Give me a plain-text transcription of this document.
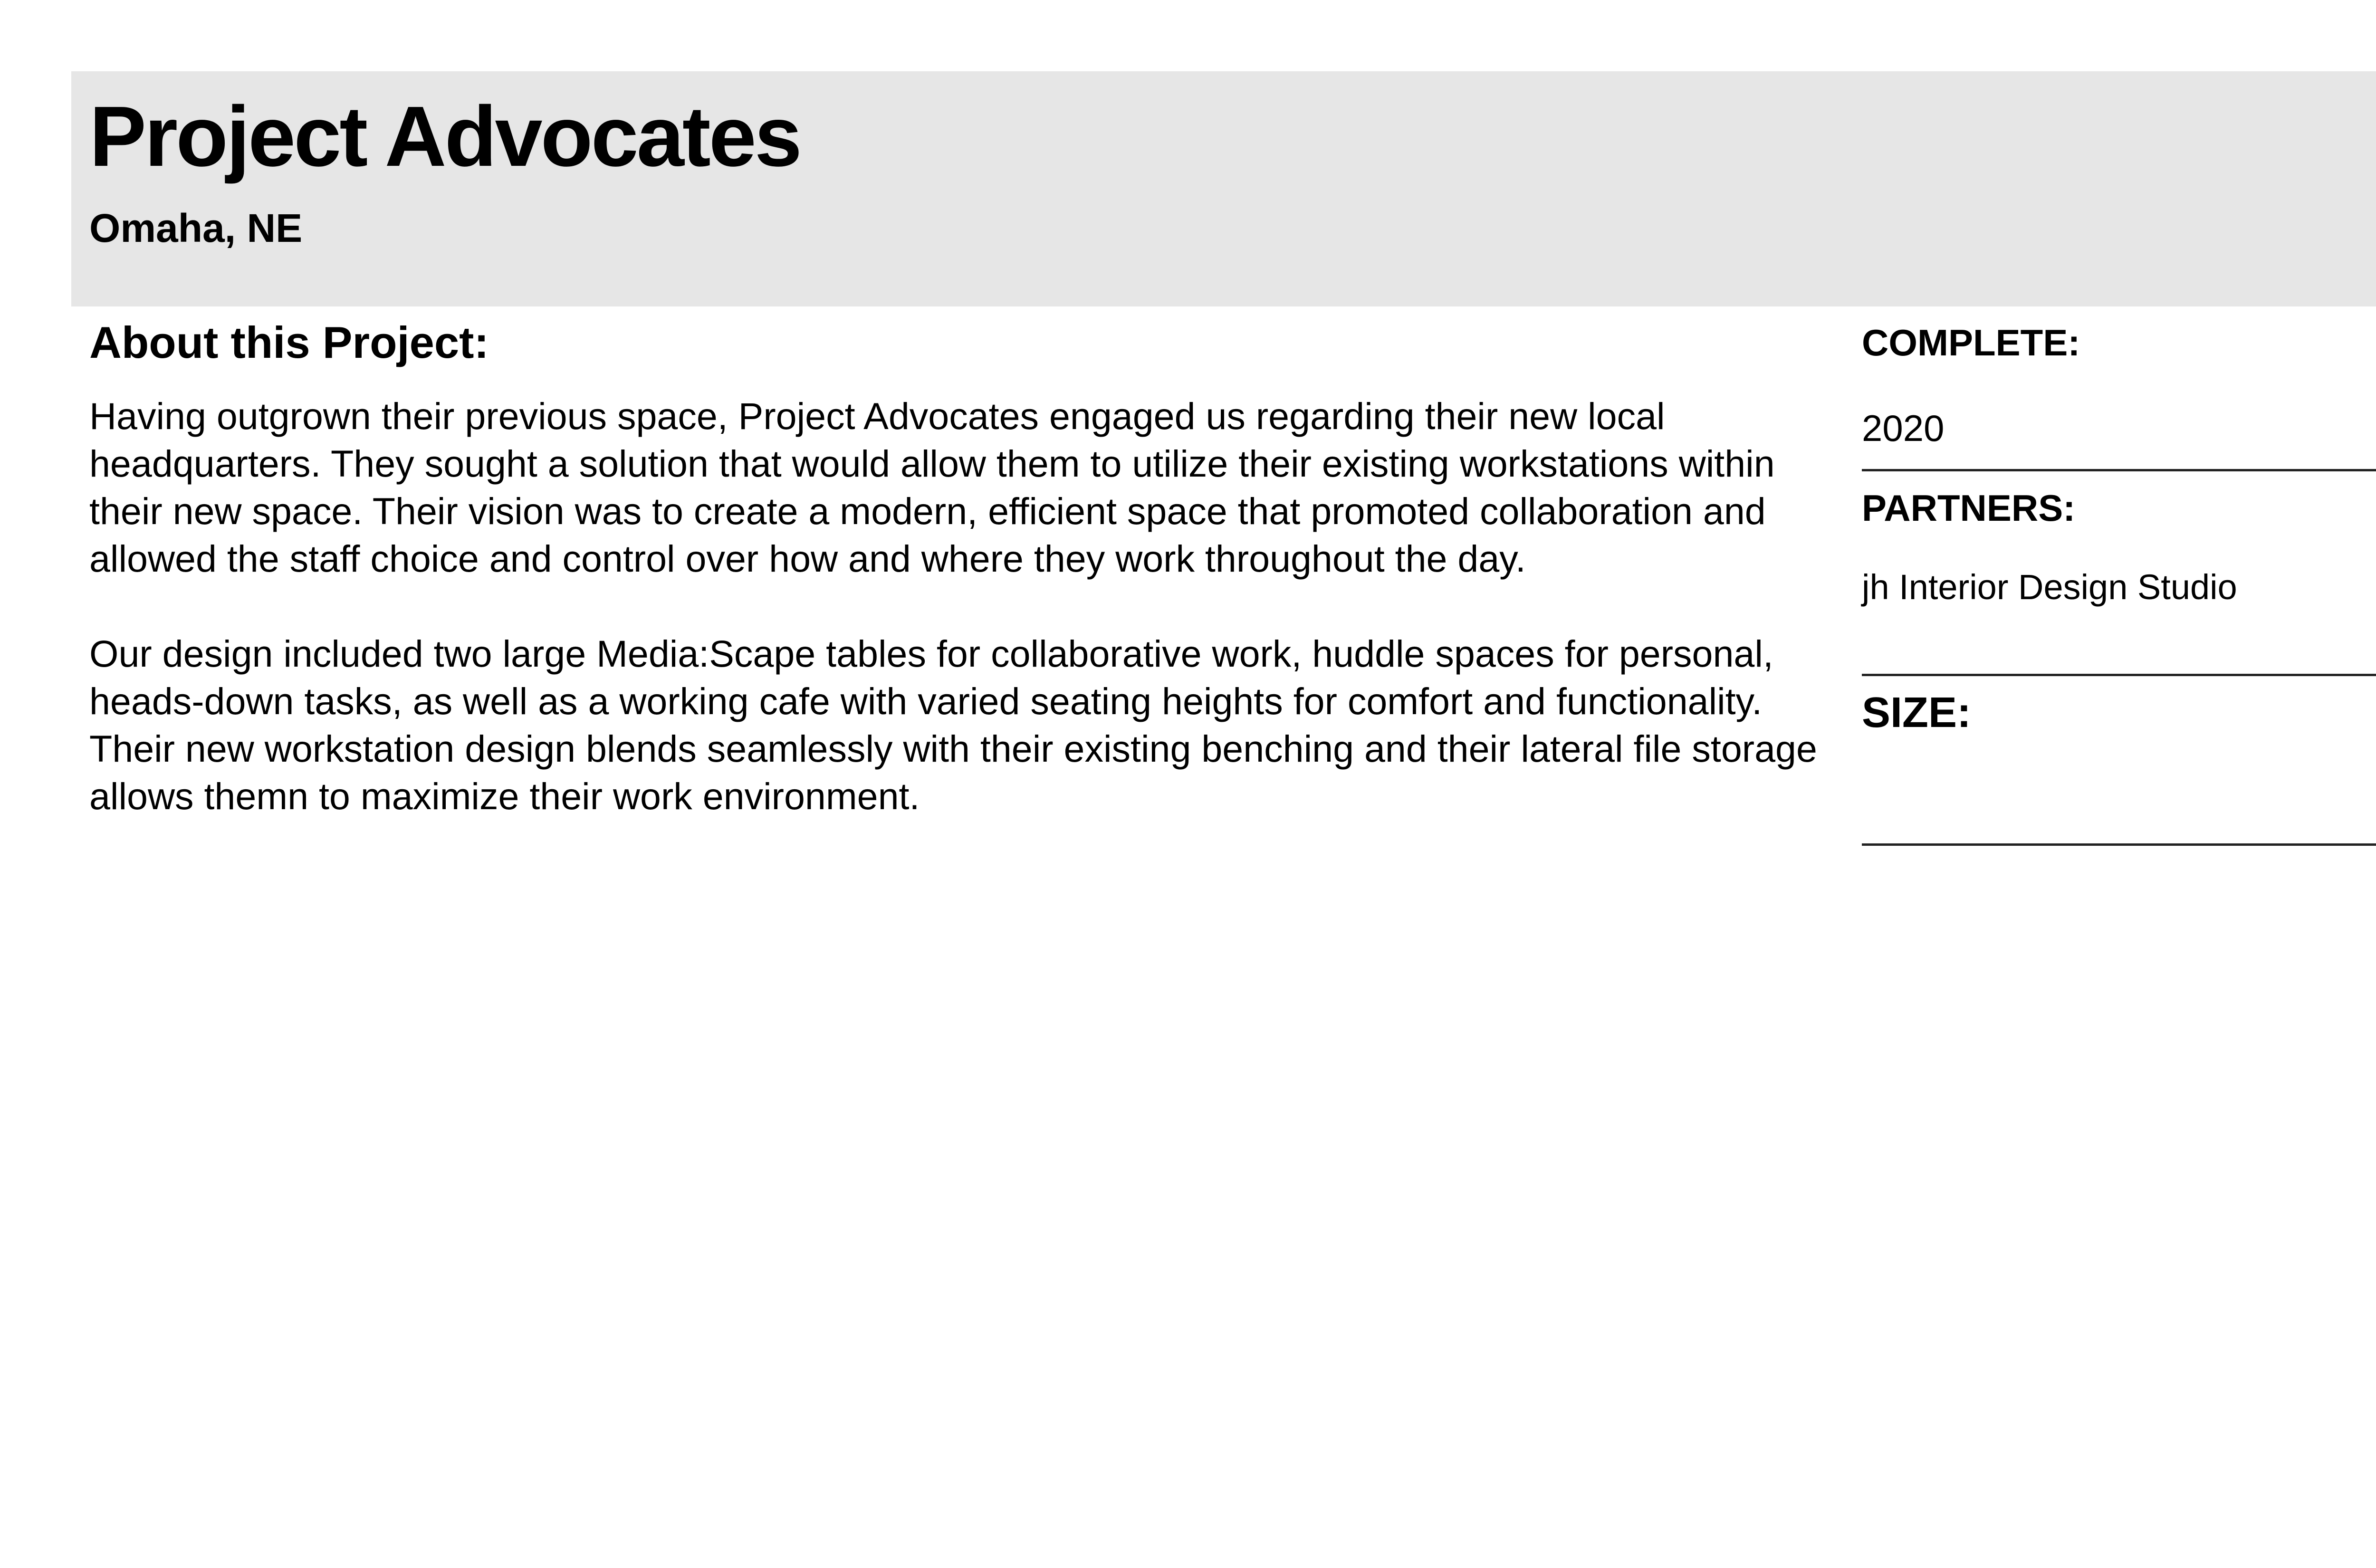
Project Advocates

Omaha, NE

About this Project:

Having outgrown their previous space, Project Advocates engaged us regarding their new local headquarters. They sought a solution that would allow them to utilize their existing workstations within their new space. Their vision was to create a modern, efficient space that promoted collaboration and allowed the staff choice and control over how and where they work throughout the day.

Our design included two large Media:Scape tables for collaborative work, huddle spaces for personal, heads-down tasks, as well as a working cafe with varied seating heights for comfort and functionality. Their new workstation design blends seamlessly with their existing benching and their lateral file storage allows themn to maximize their work environment.

COMPLETE:

2020

PARTNERS:

jh Interior Design Studio

SIZE:
